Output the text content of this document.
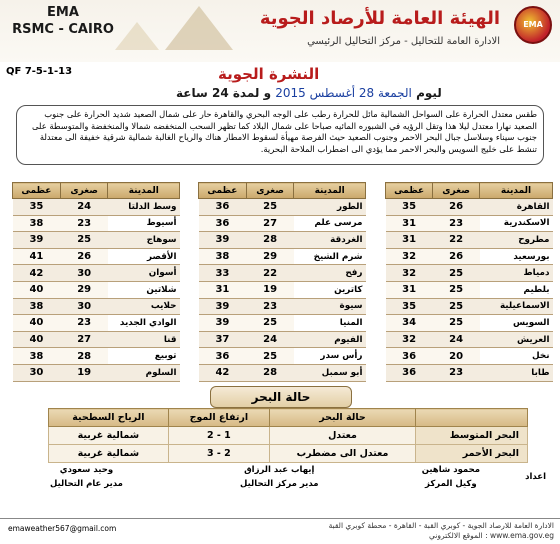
EMA
RSMC - CAIRO
الهيئة العامة للأرصاد الجوية
الادارة العامة للتحاليل - مركز التحاليل الرئيسي
EMA
QF 7-5-1-13	النشرة الجوية
ليوم الجمعة 28 أغسطس 2015 و لمدة 24 ساعة
طقس معتدل الحرارة على السواحل الشمالية مائل للحرارة رطب على الوجه البحري والقاهرة حار على شمال الصعيد شديد الحرارة على جنوب الصعيد نهارا معتدل ليلا هذا وتقل الرؤيه في الشبوره المائيه صباحا على شمال البلاد كما تظهر السحب المنخفضه شمالا والمنخفضة والمتوسطة على جنوب سيناء وسلاسل جبال البحر الاحمر وجنوب الصعيد حيث الفرصة مهيأة لسقوط الامطار هناك والرياح الغالبة شمالية شرقية خفيفة الى معتدلة تنشط على خليج السويس والبحر الاحمر مما يؤدي الى اضطراب الملاحة البحرية.
المدينة	صغرى	عظمى
القاهرة	26	35
الاسكندرية	23	31
مطروح	22	31
بورسعيد	26	32
دمياط	25	32
بلطيم	25	31
الاسماعيلية	25	35
السويس	25	34
العريش	24	32
نخل	20	36
طابا	23	36
المدينة	صغرى	عظمى
الطور	25	36
مرسى علم	27	36
الغردقة	28	39
شرم الشيخ	29	38
رفح	22	33
كاترين	19	31
سيوة	23	39
المنيا	25	39
الفيوم	24	37
رأس سدر	25	36
أبو سمبل	28	42
المدينة	صغرى	عظمى
وسط الدلتا	24	35
أسيوط	23	38
سوهاج	25	39
الأقصر	26	41
أسوان	30	42
شلاتين	29	40
حلايب	30	38
الوادي الجديد	23	40
قنا	27	40
توبيع	28	38
السلوم	19	30
حالة البحر
	حالة البحر	ارتفاع الموج	الرياح السطحية
البحر المتوسط	معتدل	1 - 2	شمالية غربية
البحر الأحمر	معتدل الى مضطرب	2 - 3	شمالية غربية
اعداد
محمود شاهين
وكيل المركز
إيهاب عبد الرزاق
مدير مركز التحاليل
وحيد سعودي
مدير عام التحاليل
emaweather567@gmail.com	الادارة العامة للارصاد الجوية - كوبري القبة - القاهرة - محطة كوبري القبة
www.ema.gov.eg : الموقع الالكتروني
